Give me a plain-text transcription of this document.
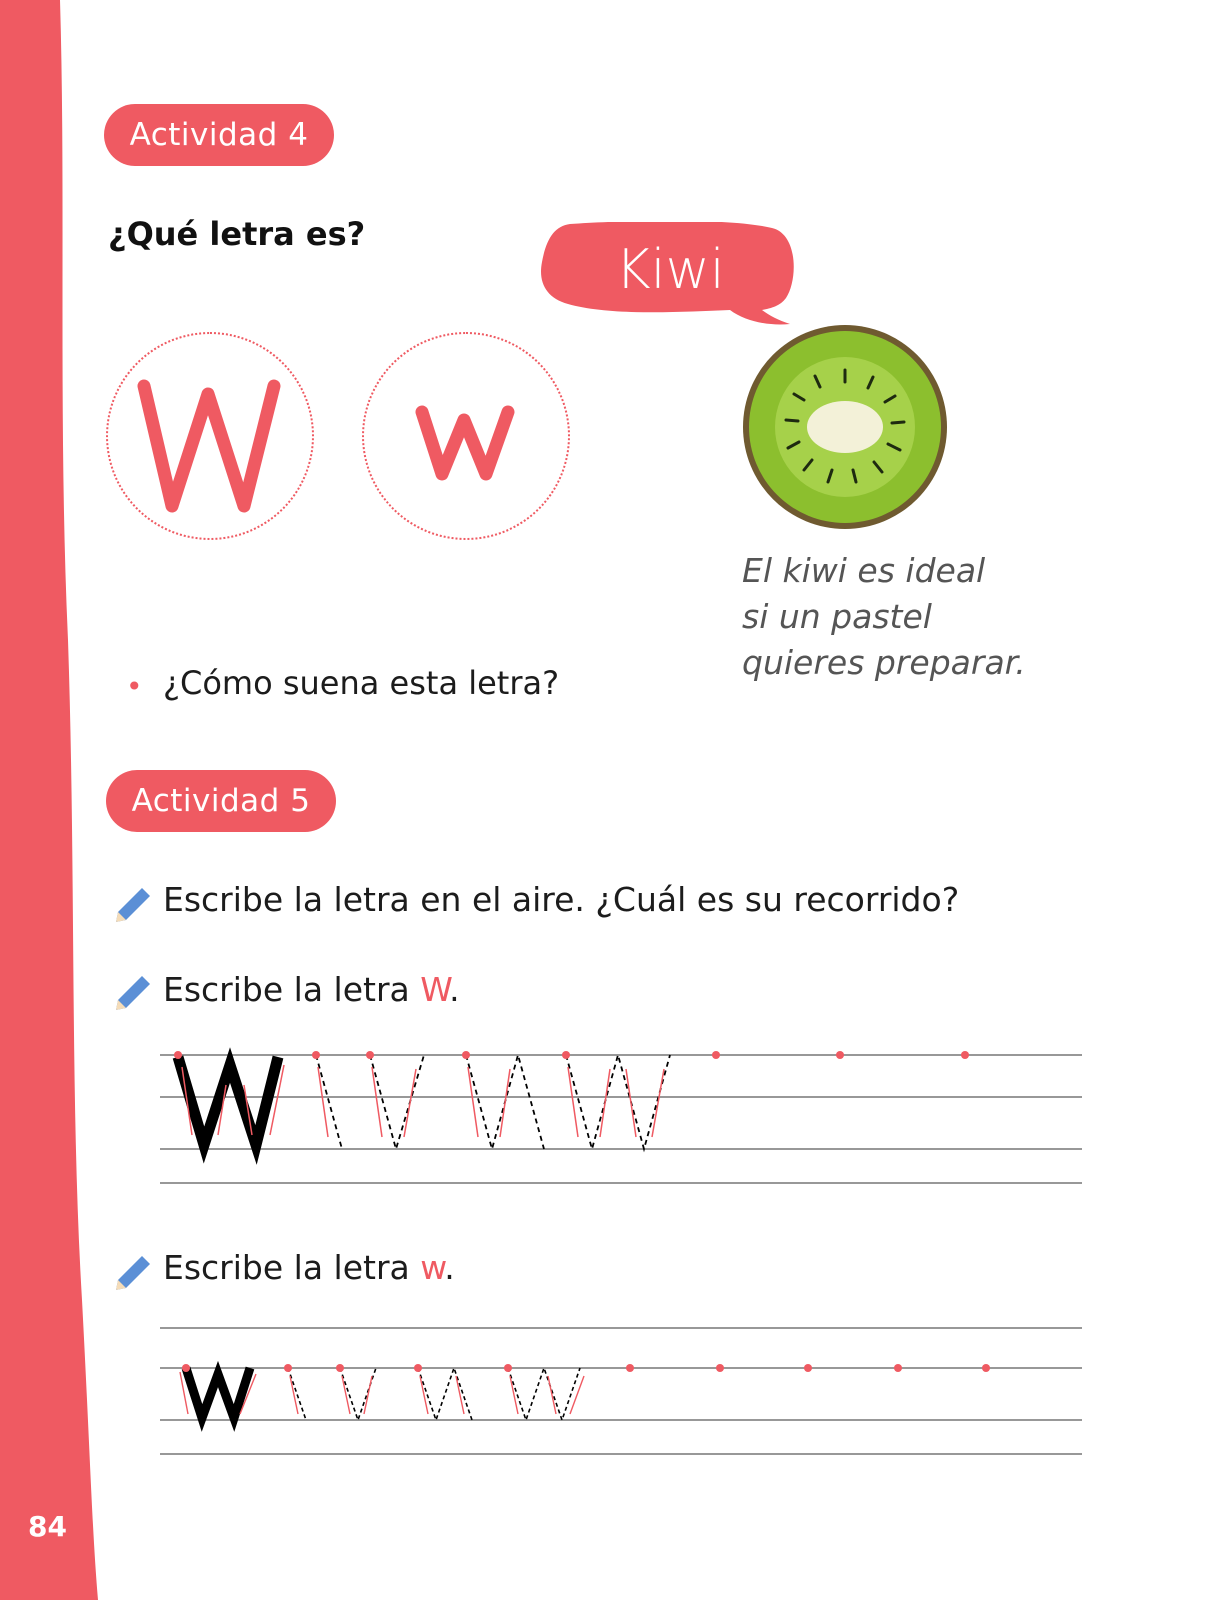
84
Actividad 4
¿Qué letra es?
Kiwi
El kiwi es ideal
si un pastel
quieres preparar.
• ¿Cómo suena esta letra?
Actividad 5
Escribe la letra en el aire. ¿Cuál es su recorrido?
Escribe la letra W.
Escribe la letra w.
